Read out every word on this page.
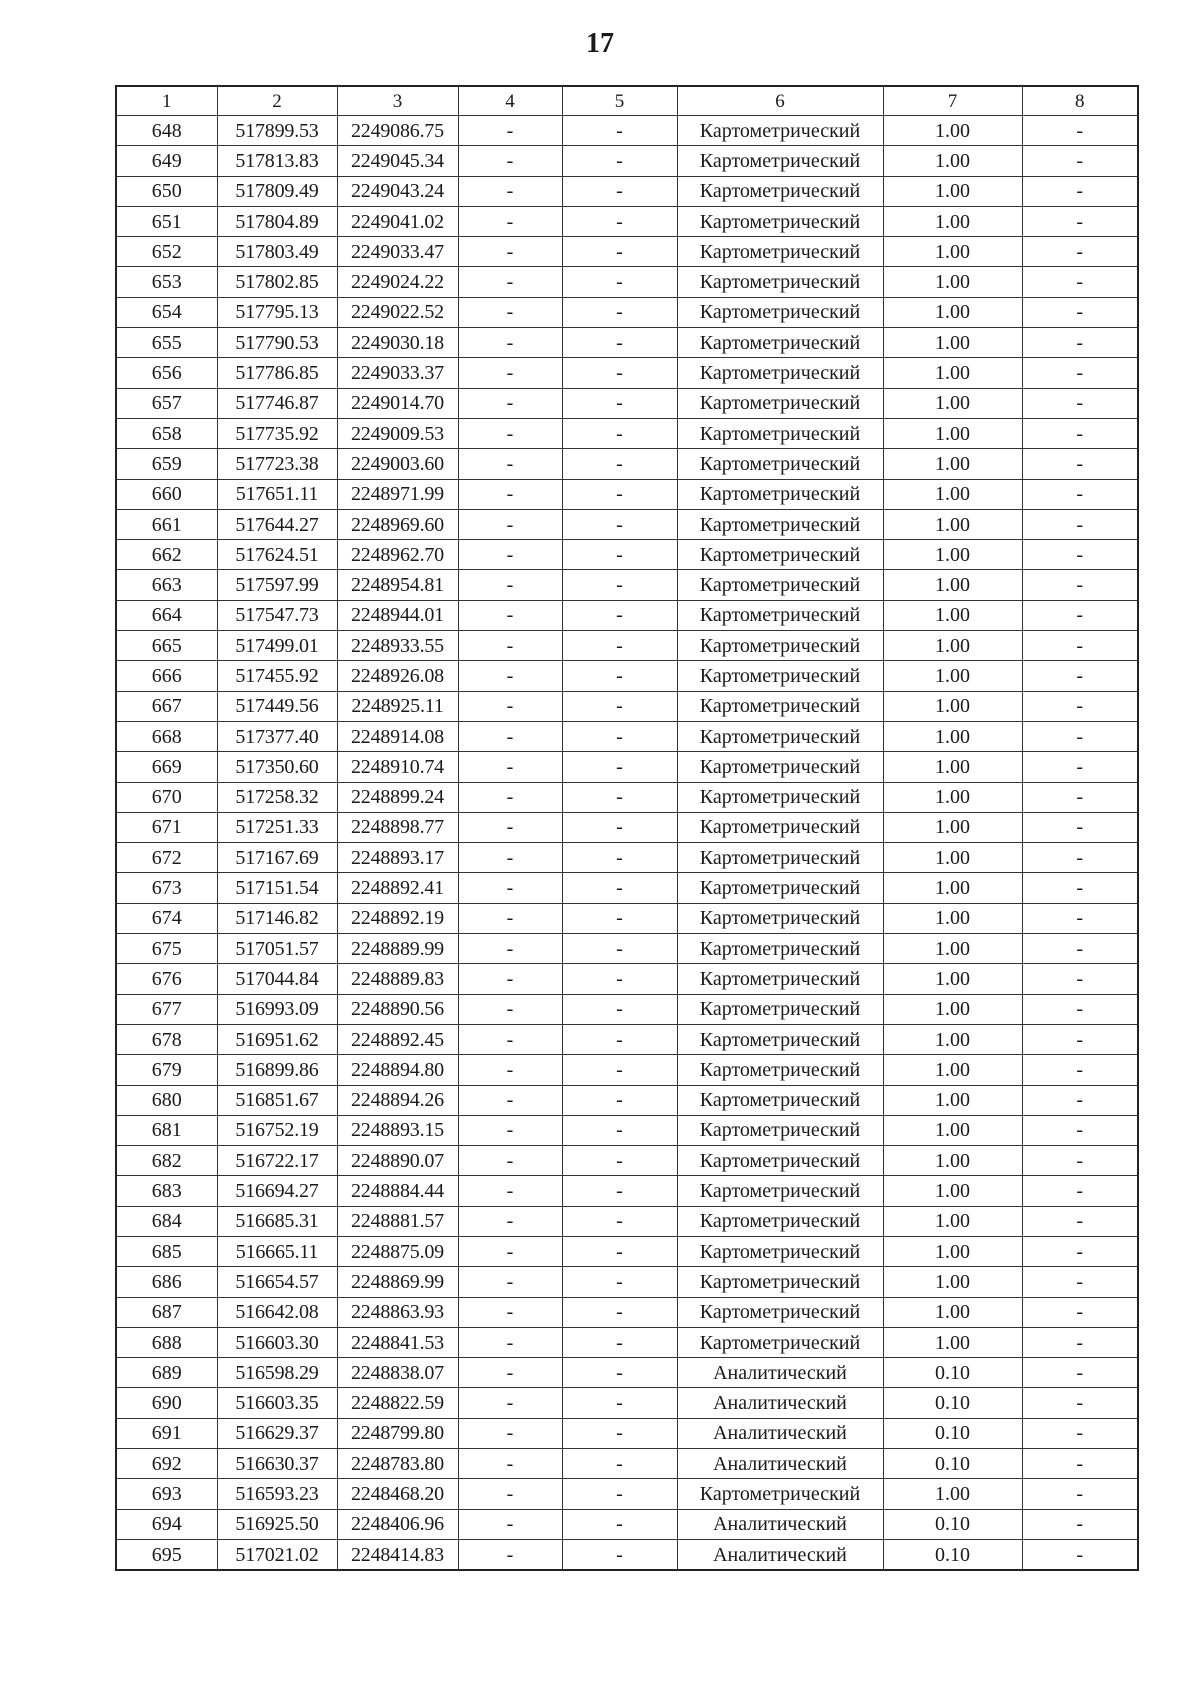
17
1	2	3	4	5	6	7	8
648	517899.53	2249086.75	-	-	Картометрический	1.00	-
649	517813.83	2249045.34	-	-	Картометрический	1.00	-
650	517809.49	2249043.24	-	-	Картометрический	1.00	-
651	517804.89	2249041.02	-	-	Картометрический	1.00	-
652	517803.49	2249033.47	-	-	Картометрический	1.00	-
653	517802.85	2249024.22	-	-	Картометрический	1.00	-
654	517795.13	2249022.52	-	-	Картометрический	1.00	-
655	517790.53	2249030.18	-	-	Картометрический	1.00	-
656	517786.85	2249033.37	-	-	Картометрический	1.00	-
657	517746.87	2249014.70	-	-	Картометрический	1.00	-
658	517735.92	2249009.53	-	-	Картометрический	1.00	-
659	517723.38	2249003.60	-	-	Картометрический	1.00	-
660	517651.11	2248971.99	-	-	Картометрический	1.00	-
661	517644.27	2248969.60	-	-	Картометрический	1.00	-
662	517624.51	2248962.70	-	-	Картометрический	1.00	-
663	517597.99	2248954.81	-	-	Картометрический	1.00	-
664	517547.73	2248944.01	-	-	Картометрический	1.00	-
665	517499.01	2248933.55	-	-	Картометрический	1.00	-
666	517455.92	2248926.08	-	-	Картометрический	1.00	-
667	517449.56	2248925.11	-	-	Картометрический	1.00	-
668	517377.40	2248914.08	-	-	Картометрический	1.00	-
669	517350.60	2248910.74	-	-	Картометрический	1.00	-
670	517258.32	2248899.24	-	-	Картометрический	1.00	-
671	517251.33	2248898.77	-	-	Картометрический	1.00	-
672	517167.69	2248893.17	-	-	Картометрический	1.00	-
673	517151.54	2248892.41	-	-	Картометрический	1.00	-
674	517146.82	2248892.19	-	-	Картометрический	1.00	-
675	517051.57	2248889.99	-	-	Картометрический	1.00	-
676	517044.84	2248889.83	-	-	Картометрический	1.00	-
677	516993.09	2248890.56	-	-	Картометрический	1.00	-
678	516951.62	2248892.45	-	-	Картометрический	1.00	-
679	516899.86	2248894.80	-	-	Картометрический	1.00	-
680	516851.67	2248894.26	-	-	Картометрический	1.00	-
681	516752.19	2248893.15	-	-	Картометрический	1.00	-
682	516722.17	2248890.07	-	-	Картометрический	1.00	-
683	516694.27	2248884.44	-	-	Картометрический	1.00	-
684	516685.31	2248881.57	-	-	Картометрический	1.00	-
685	516665.11	2248875.09	-	-	Картометрический	1.00	-
686	516654.57	2248869.99	-	-	Картометрический	1.00	-
687	516642.08	2248863.93	-	-	Картометрический	1.00	-
688	516603.30	2248841.53	-	-	Картометрический	1.00	-
689	516598.29	2248838.07	-	-	Аналитический	0.10	-
690	516603.35	2248822.59	-	-	Аналитический	0.10	-
691	516629.37	2248799.80	-	-	Аналитический	0.10	-
692	516630.37	2248783.80	-	-	Аналитический	0.10	-
693	516593.23	2248468.20	-	-	Картометрический	1.00	-
694	516925.50	2248406.96	-	-	Аналитический	0.10	-
695	517021.02	2248414.83	-	-	Аналитический	0.10	-
